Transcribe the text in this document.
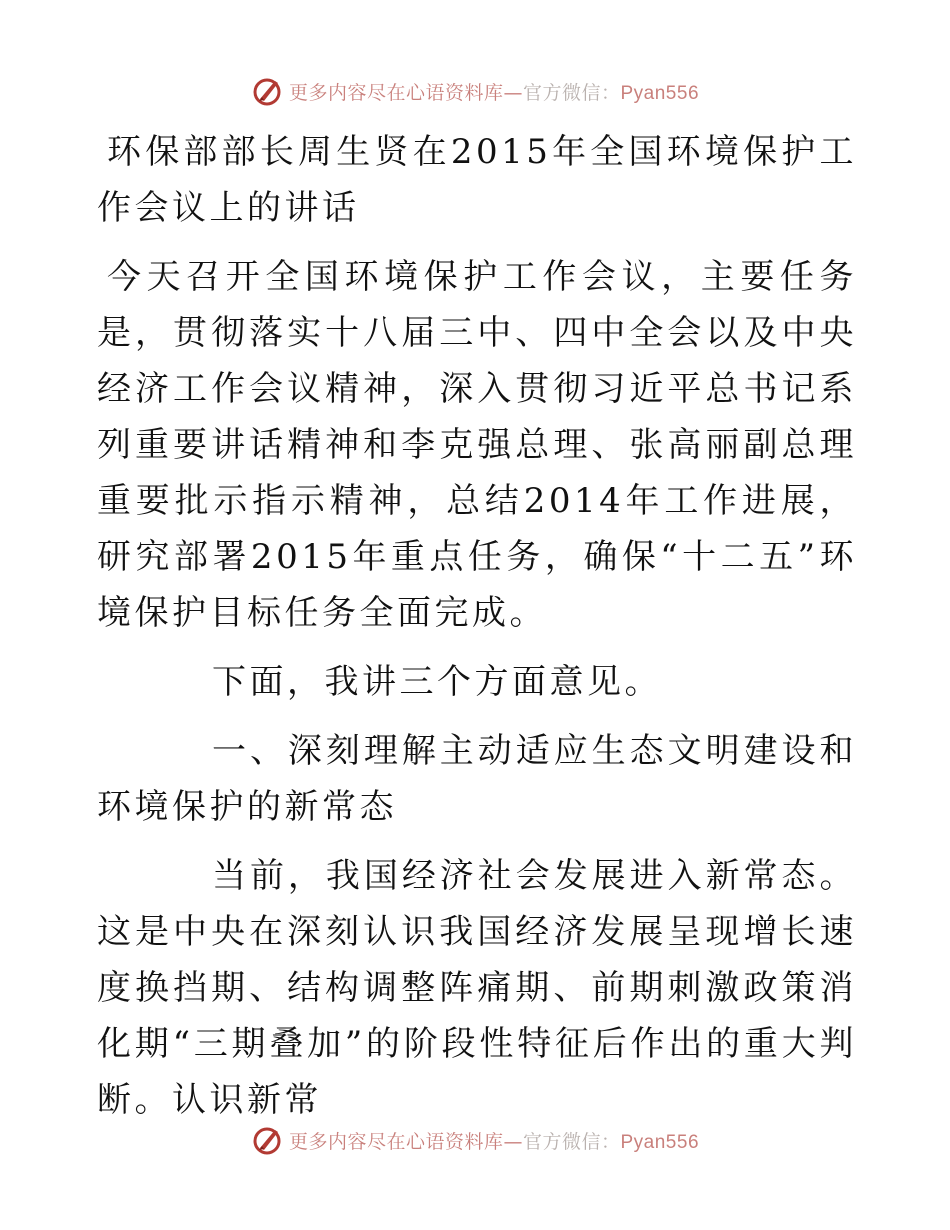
更多内容尽在心语资料库—官方微信：Pyan556

环保部部长周生贤在2015年全国环境保护工作会议上的讲话

今天召开全国环境保护工作会议，主要任务是，贯彻落实十八届三中、四中全会以及中央经济工作会议精神，深入贯彻习近平总书记系列重要讲话精神和李克强总理、张高丽副总理重要批示指示精神，总结2014年工作进展，研究部署2015年重点任务，确保“十二五”环境保护目标任务全面完成。

下面，我讲三个方面意见。

一、深刻理解主动适应生态文明建设和环境保护的新常态

当前，我国经济社会发展进入新常态。这是中央在深刻认识我国经济发展呈现增长速度换挡期、结构调整阵痛期、前期刺激政策消化期“三期叠加”的阶段性特征后作出的重大判断。认识新常

更多内容尽在心语资料库—官方微信：Pyan556
